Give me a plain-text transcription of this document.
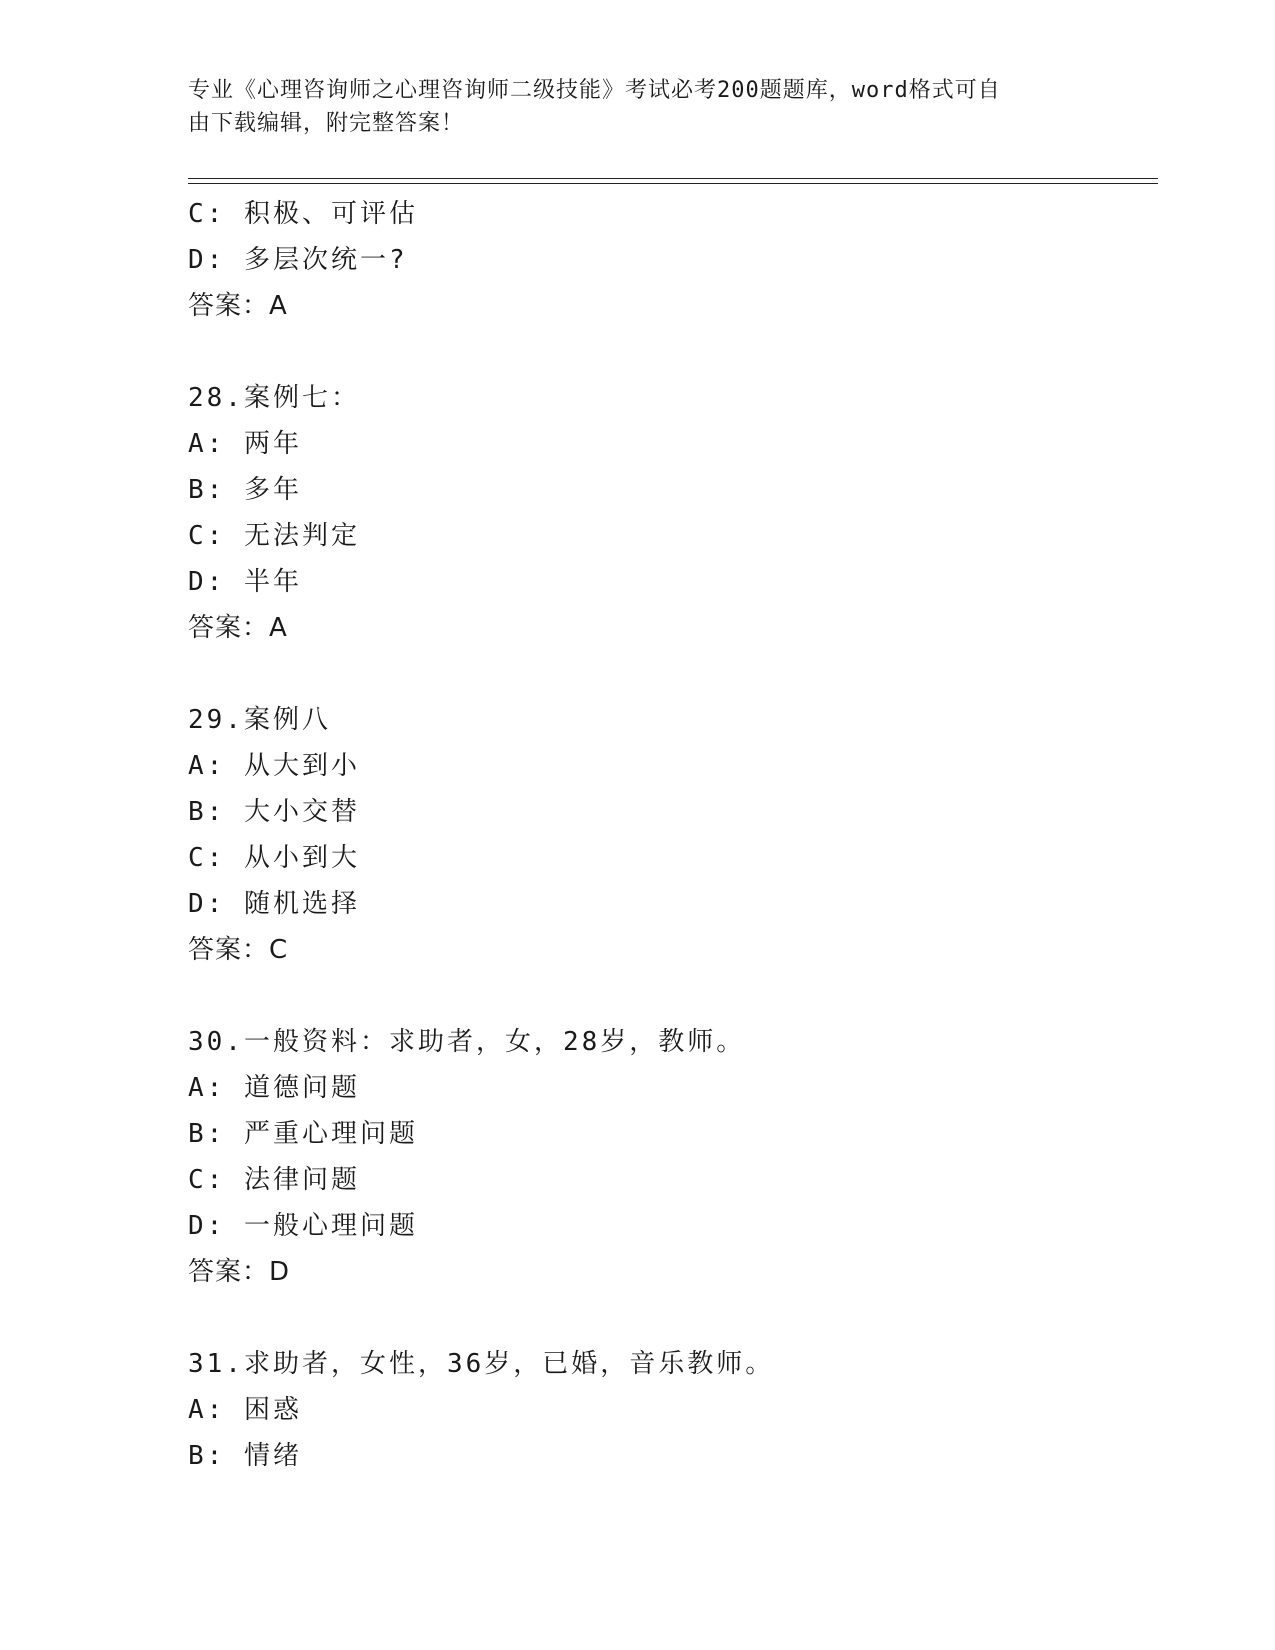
专业《心理咨询师之心理咨询师二级技能》考试必考200题题库，word格式可自
由下载编辑，附完整答案！
C: 积极、可评估
D: 多层次统一?
答案：A
28.案例七：
A: 两年
B: 多年
C: 无法判定
D: 半年
答案：A
29.案例八
A: 从大到小
B: 大小交替
C: 从小到大
D: 随机选择
答案：C
30.一般资料：求助者，女，28岁，教师。
A: 道德问题
B: 严重心理问题
C: 法律问题
D: 一般心理问题
答案：D
31.求助者，女性，36岁，已婚，音乐教师。
A: 困惑
B: 情绪
